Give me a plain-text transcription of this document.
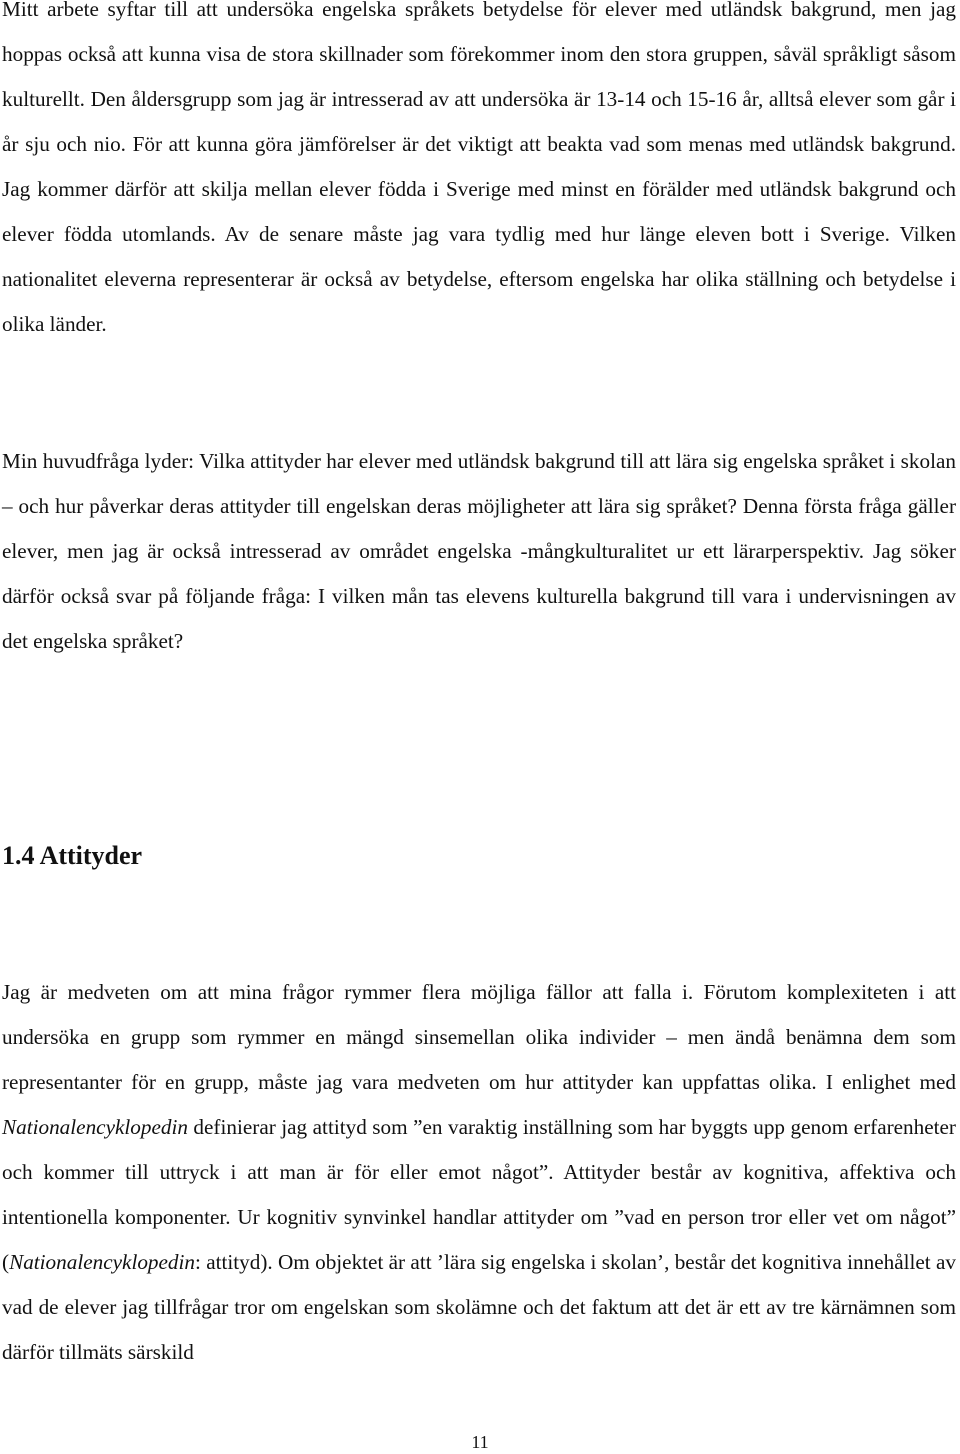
Mitt arbete syftar till att undersöka engelska språkets betydelse för elever med utländsk bakgrund, men jag hoppas också att kunna visa de stora skillnader som förekommer inom den stora gruppen, såväl språkligt såsom kulturellt. Den åldersgrupp som jag är intresserad av att undersöka är 13-14 och 15-16 år, alltså elever som går i år sju och nio. För att kunna göra jämförelser är det viktigt att beakta vad som menas med utländsk bakgrund. Jag kommer därför att skilja mellan elever födda i Sverige med minst en förälder med utländsk bakgrund och elever födda utomlands. Av de senare måste jag vara tydlig med hur länge eleven bott i Sverige. Vilken nationalitet eleverna representerar är också av betydelse, eftersom engelska har olika ställning och betydelse i olika länder.

Min huvudfråga lyder: Vilka attityder har elever med utländsk bakgrund till att lära sig engelska språket i skolan – och hur påverkar deras attityder till engelskan deras möjligheter att lära sig språket? Denna första fråga gäller elever, men jag är också intresserad av området engelska -mångkulturalitet ur ett lärarperspektiv. Jag söker därför också svar på följande fråga: I vilken mån tas elevens kulturella bakgrund till vara i undervisningen av det engelska språket?

1.4 Attityder

Jag är medveten om att mina frågor rymmer flera möjliga fällor att falla i. Förutom komplexiteten i att undersöka en grupp som rymmer en mängd sinsemellan olika individer – men ändå benämna dem som representanter för en grupp, måste jag vara medveten om hur attityder kan uppfattas olika. I enlighet med Nationalencyklopedin definierar jag attityd som ”en varaktig inställning som har byggts upp genom erfarenheter och kommer till uttryck i att man är för eller emot något”. Attityder består av kognitiva, affektiva och intentionella komponenter. Ur kognitiv synvinkel handlar attityder om ”vad en person tror eller vet om något” (Nationalencyklopedin: attityd). Om objektet är att ’lära sig engelska i skolan’, består det kognitiva innehållet av vad de elever jag tillfrågar tror om engelskan som skolämne och det faktum att det är ett av tre kärnämnen som därför tillmäts särskild

11
